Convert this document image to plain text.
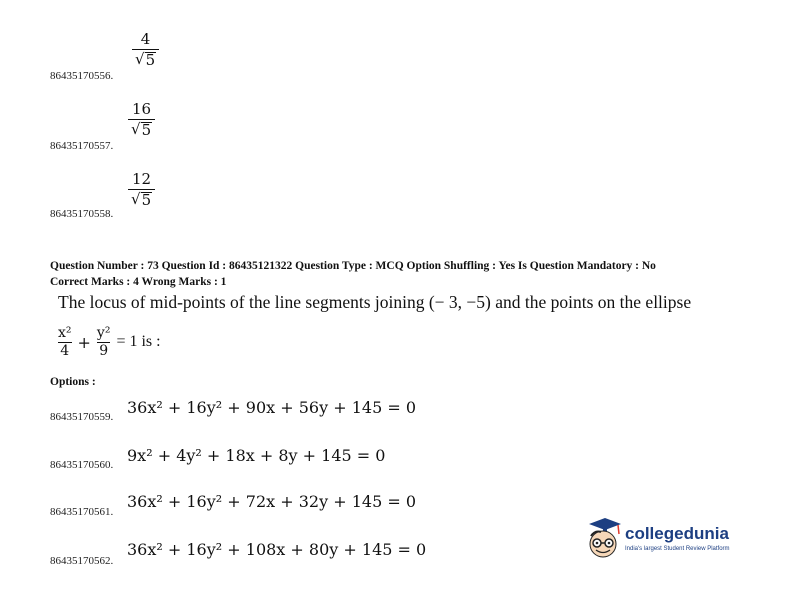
4
√ 5
86435170556.
16
√ 5
86435170557.
12
√ 5
86435170558.
Question Number : 73 Question Id : 86435121322 Question Type : MCQ Option Shuffling : Yes Is Question Mandatory : No
Correct Marks : 4 Wrong Marks : 1
The locus of mid-points of the line segments joining (− 3, −5) and the points on the ellipse
x²
4 + y²
9
= 1 is :
Options :
36x² + 16y² + 90x + 56y + 145 = 0
86435170559.
9x² + 4y² + 18x + 8y + 145 = 0
86435170560.
36x² + 16y² + 72x + 32y + 145 = 0
86435170561.
36x² + 16y² + 108x + 80y + 145 = 0
86435170562.
collegedunia
India's largest Student Review Platform
